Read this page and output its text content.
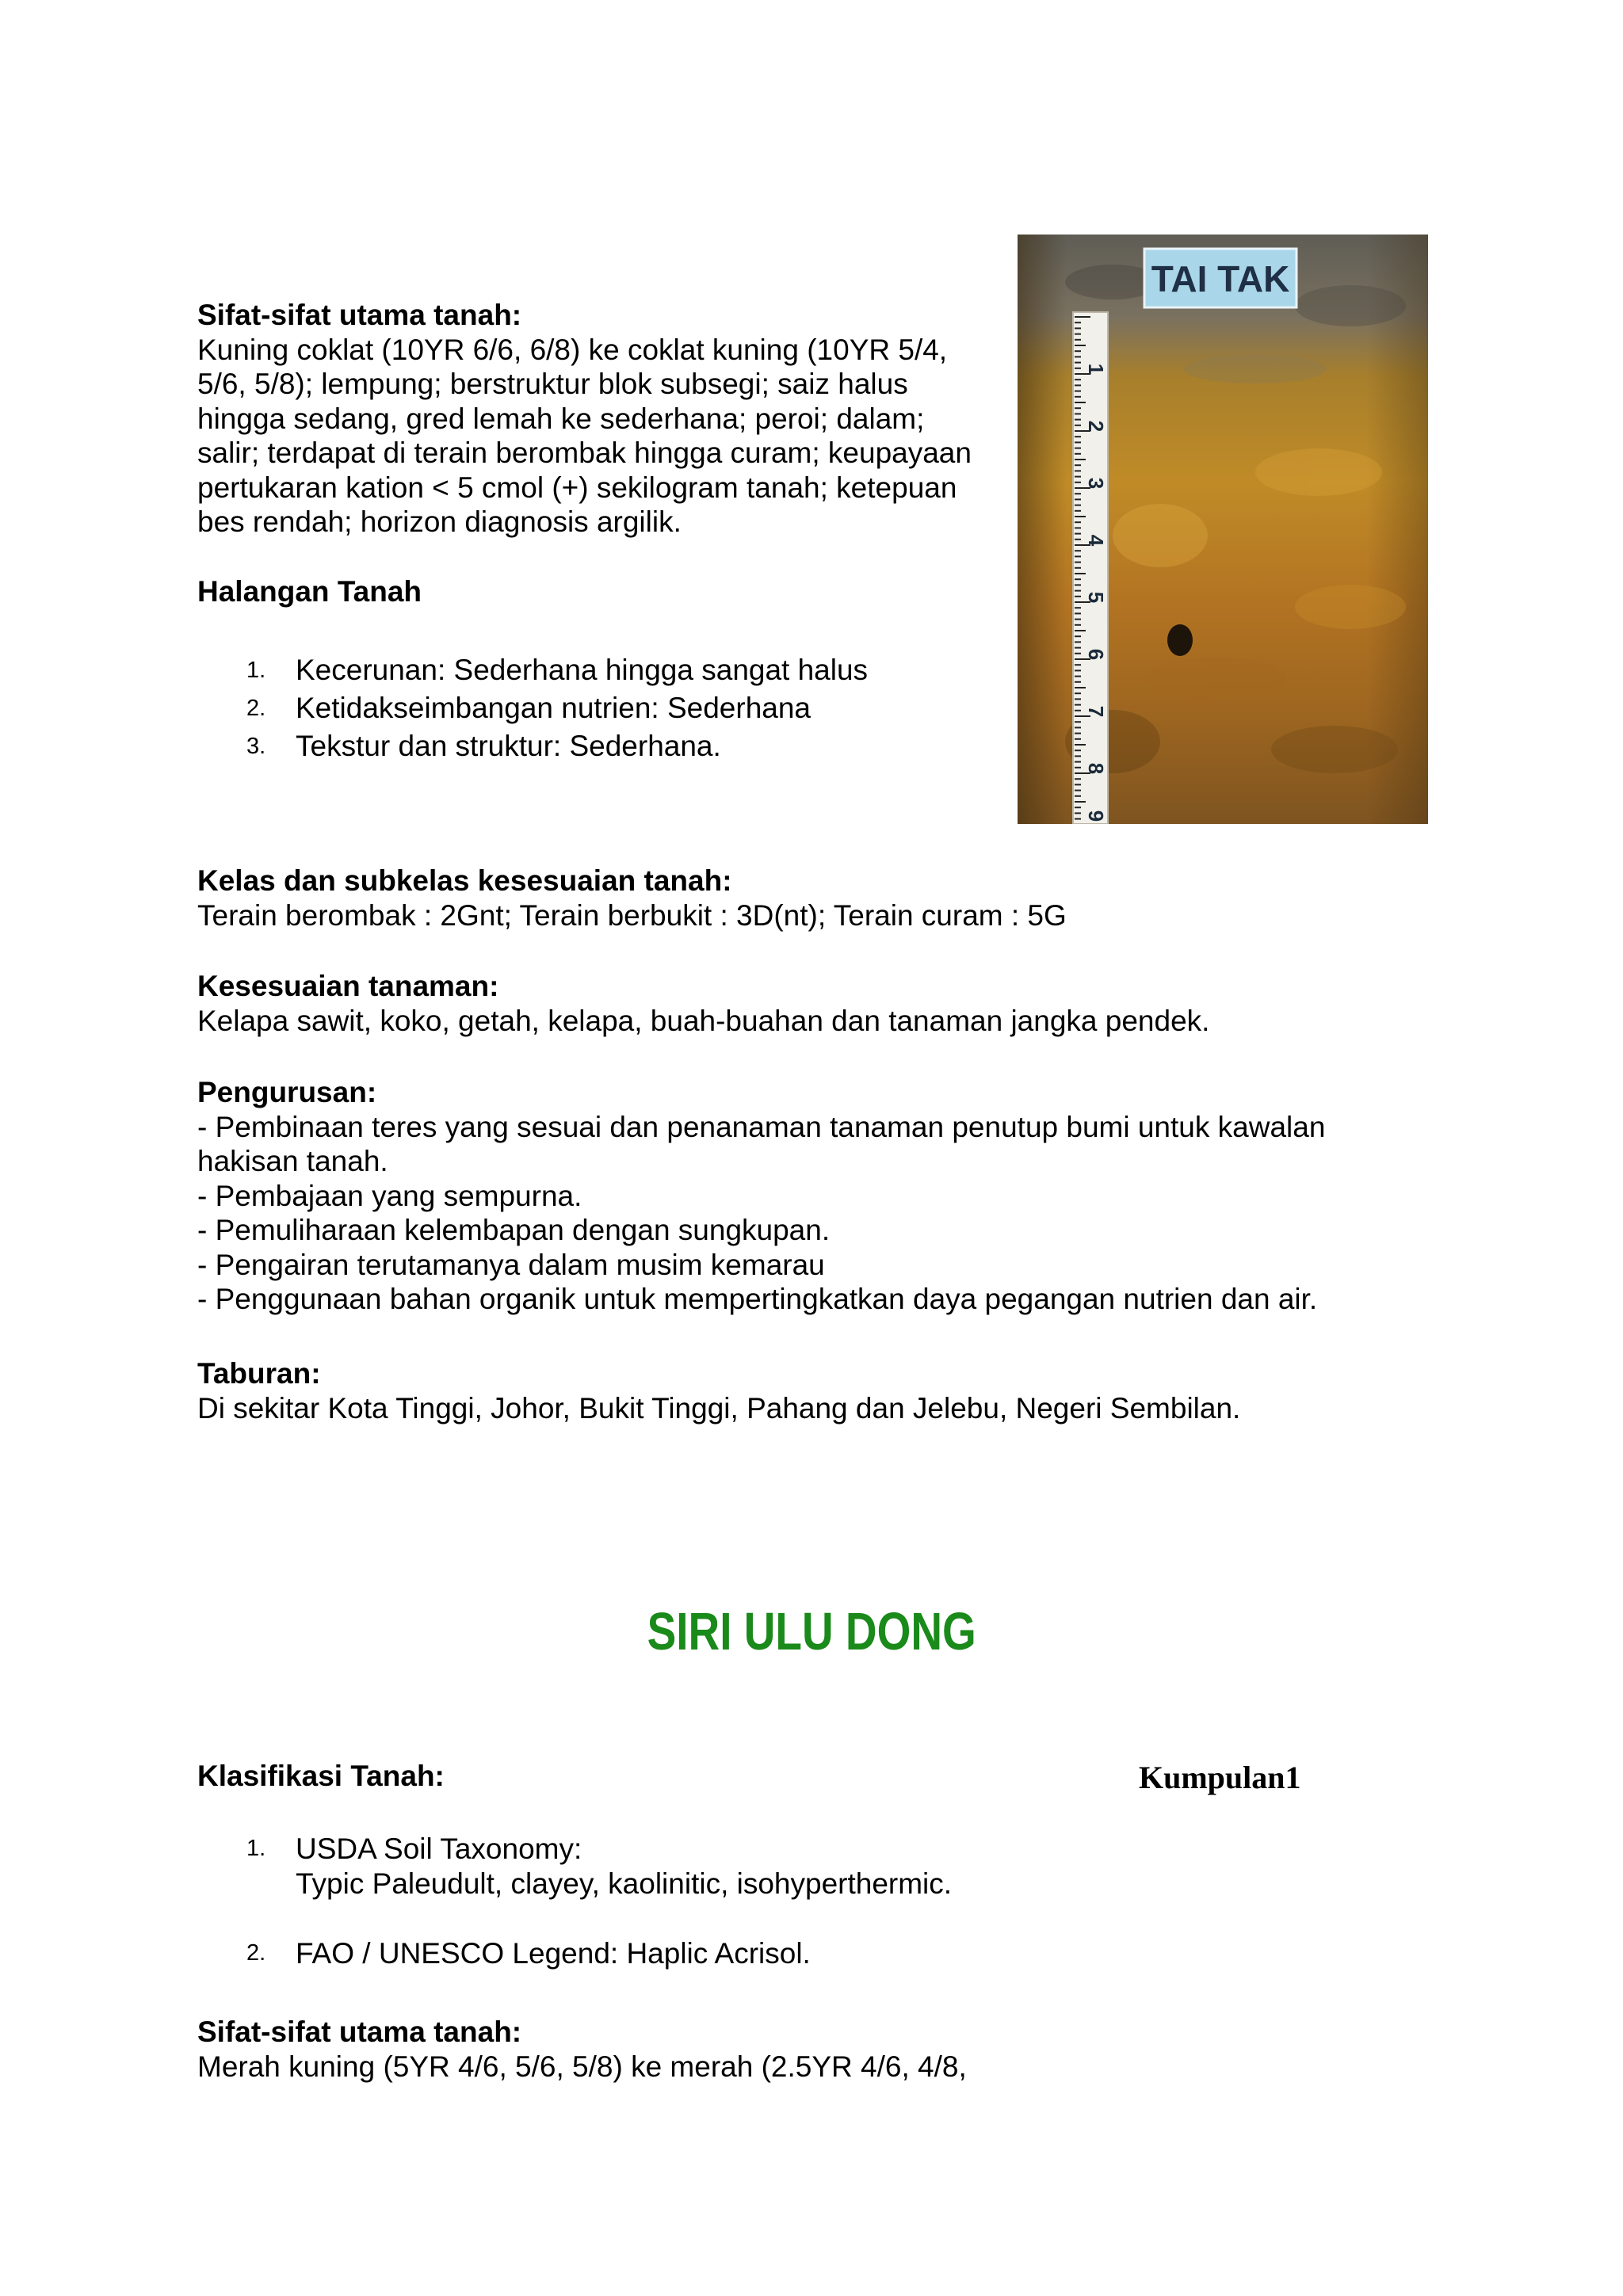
Sifat-sifat utama tanah:

Kuning coklat (10YR 6/6, 6/8) ke coklat kuning (10YR 5/4,

5/6, 5/8); lempung; berstruktur blok subsegi; saiz halus

hingga sedang, gred lemah ke sederhana; peroi; dalam;

salir; terdapat di terain berombak hingga curam; keupayaan

pertukaran kation < 5 cmol (+) sekilogram tanah; ketepuan

bes rendah; horizon diagnosis argilik.

Halangan Tanah

1. Kecerunan: Sederhana hingga sangat halus
2. Ketidakseimbangan nutrien: Sederhana
3. Tekstur dan struktur: Sederhana.
TAI TAK
1
2
3
4
5
6
7
8
9

Kelas dan subkelas kesesuaian tanah:

Terain berombak : 2Gnt; Terain berbukit : 3D(nt); Terain curam : 5G

Kesesuaian tanaman:

Kelapa sawit, koko, getah, kelapa, buah-buahan dan tanaman jangka pendek.

Pengurusan:

- Pembinaan teres yang sesuai dan penanaman tanaman penutup bumi untuk kawalan

hakisan tanah.

- Pembajaan yang sempurna.

- Pemuliharaan kelembapan dengan sungkupan.

- Pengairan terutamanya dalam musim kemarau

- Penggunaan bahan organik untuk mempertingkatkan daya pegangan nutrien dan air.

Taburan:

Di sekitar Kota Tinggi, Johor, Bukit Tinggi, Pahang dan Jelebu, Negeri Sembilan.

SIRI ULU DONG

Klasifikasi Tanah:	Kumpulan1
1. USDA Soil Taxonomy:
Typic Paleudult, clayey, kaolinitic, isohyperthermic.
2. FAO / UNESCO Legend: Haplic Acrisol.

Sifat-sifat utama tanah:

Merah kuning (5YR 4/6, 5/6, 5/8) ke merah (2.5YR 4/6, 4/8,
